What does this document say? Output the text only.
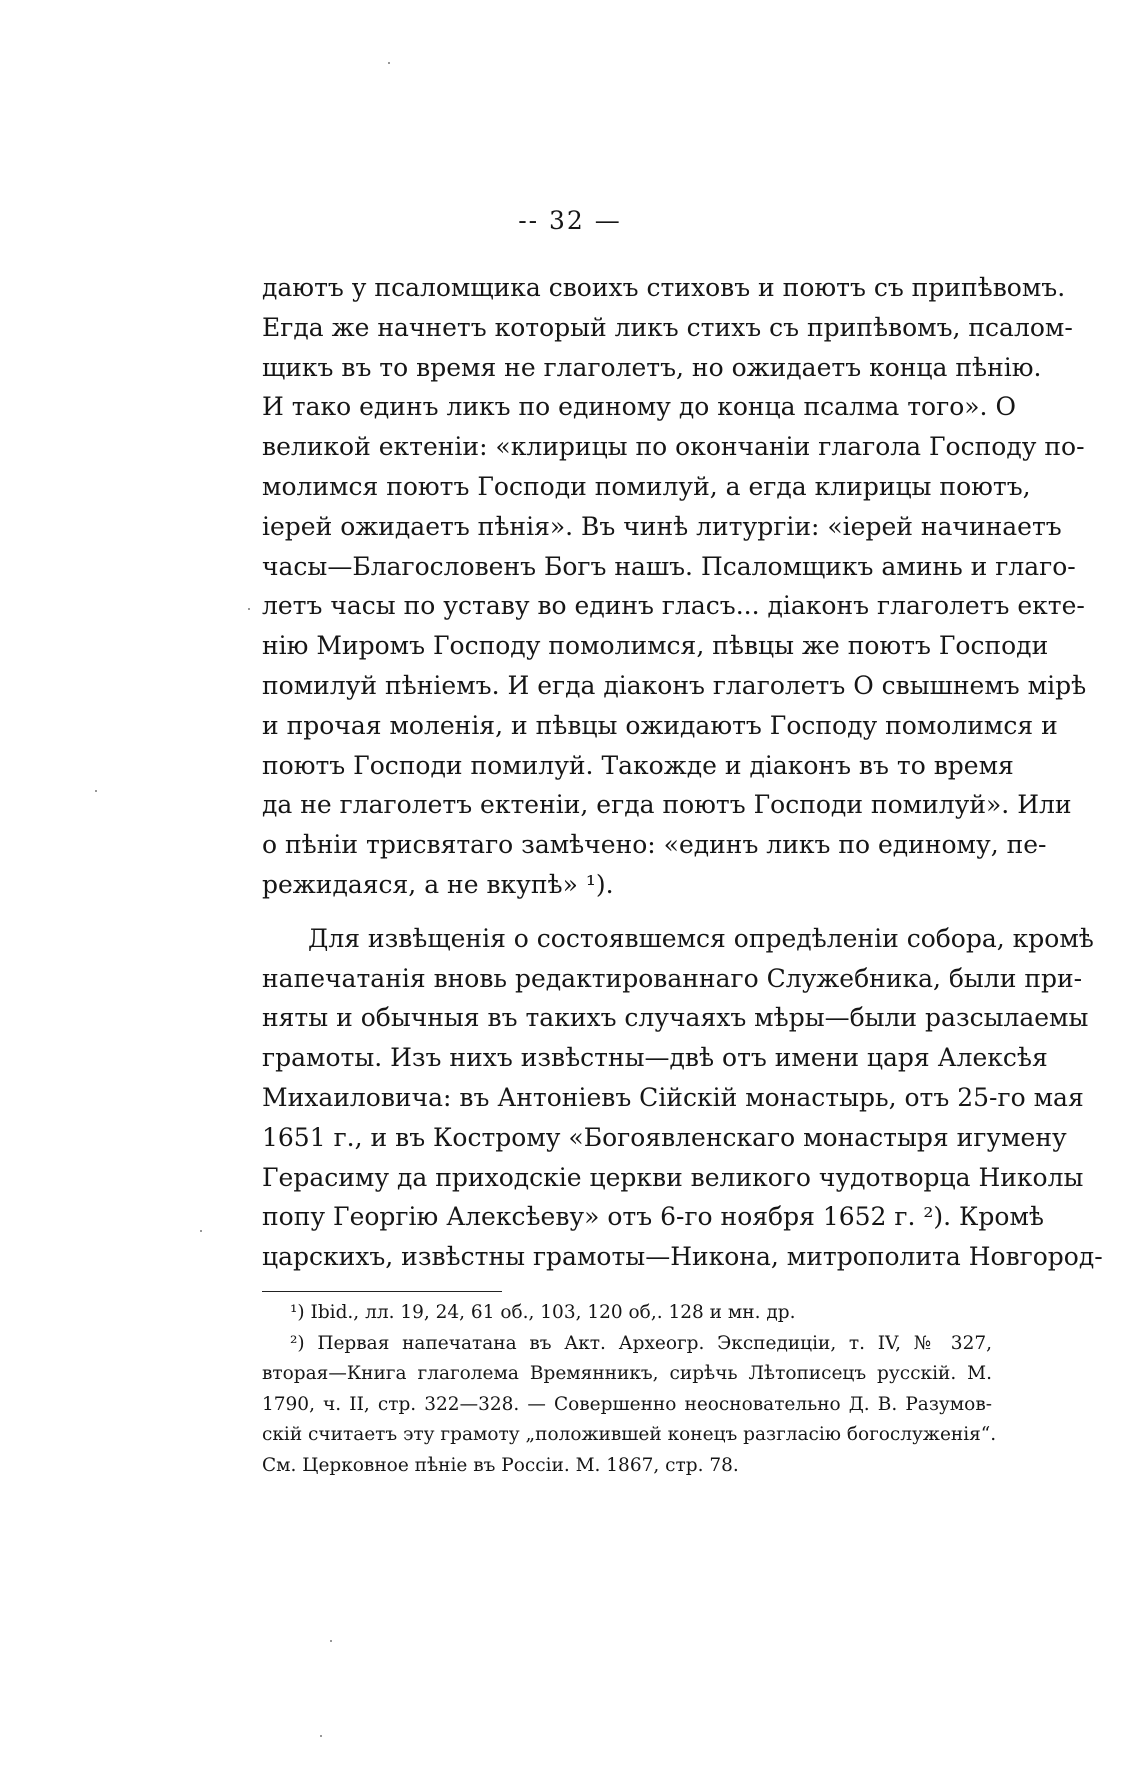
-- 32 —
даютъ у псаломщика своихъ стиховъ и поютъ съ припѣвомъ.
Егда же начнетъ который ликъ стихъ съ припѣвомъ, псалом-
щикъ въ то время не глаголетъ, но ожидаетъ конца пѣнiю.
И тако единъ ликъ по единому до конца псалма того». О
великой ектенiи: «клирицы по окончанiи глагола Господу по-
молимся поютъ Господи помилуй, а егда клирицы поютъ,
iерей ожидаетъ пѣнiя». Въ чинѣ литургiи: «iерей начинаетъ
часы—Благословенъ Богъ нашъ. Псаломщикъ аминь и глаго-
летъ часы по уставу во единъ гласъ... дiаконъ глаголетъ екте-
нiю Миромъ Господу помолимся, пѣвцы же поютъ Господи
помилуй пѣнiемъ. И егда дiаконъ глаголетъ О свышнемъ мiрѣ
и прочая моленiя, и пѣвцы ожидаютъ Господу помолимся и
поютъ Господи помилуй. Такожде и дiаконъ въ то время
да не глаголетъ ектенiи, егда поютъ Господи помилуй». Или
о пѣнiи трисвятаго замѣчено: «единъ ликъ по единому, пе-
режидаяся, а не вкупѣ» ¹).
Для извѣщенiя о состоявшемся опредѣленiи собора, кромѣ
напечатанiя вновь редактированнаго Служебника, были при-
няты и обычныя въ такихъ случаяхъ мѣры—были разсылаемы
грамоты. Изъ нихъ извѣстны—двѣ отъ имени царя Алексѣя
Михаиловича: въ Антонiевъ Сiйскiй монастырь, отъ 25-го мая
1651 г., и въ Кострому «Богоявленскаго монастыря игумену
Герасиму да приходскiе церкви великого чудотворца Николы
попу Георгiю Алексѣеву» отъ 6-го ноября 1652 г. ²). Кромѣ
царскихъ, извѣстны грамоты—Никона, митрополита Новгород-
¹) Ibid., лл. 19, 24, 61 об., 103, 120 об,. 128 и мн. др.
²) Первая напечатана въ Акт. Археогр. Экспедицiи, т. IV, № 327,
вторая—Книга глаголема Времянникъ, сирѣчь Лѣтописецъ русскiй. М.
1790, ч. II, стр. 322—328. — Совершенно неосновательно Д. В. Разумов-
скiй считаетъ эту грамоту „положившей конецъ разгласiю богослуженiя“.
См. Церковное пѣнiе въ Россiи. М. 1867, стр. 78.
